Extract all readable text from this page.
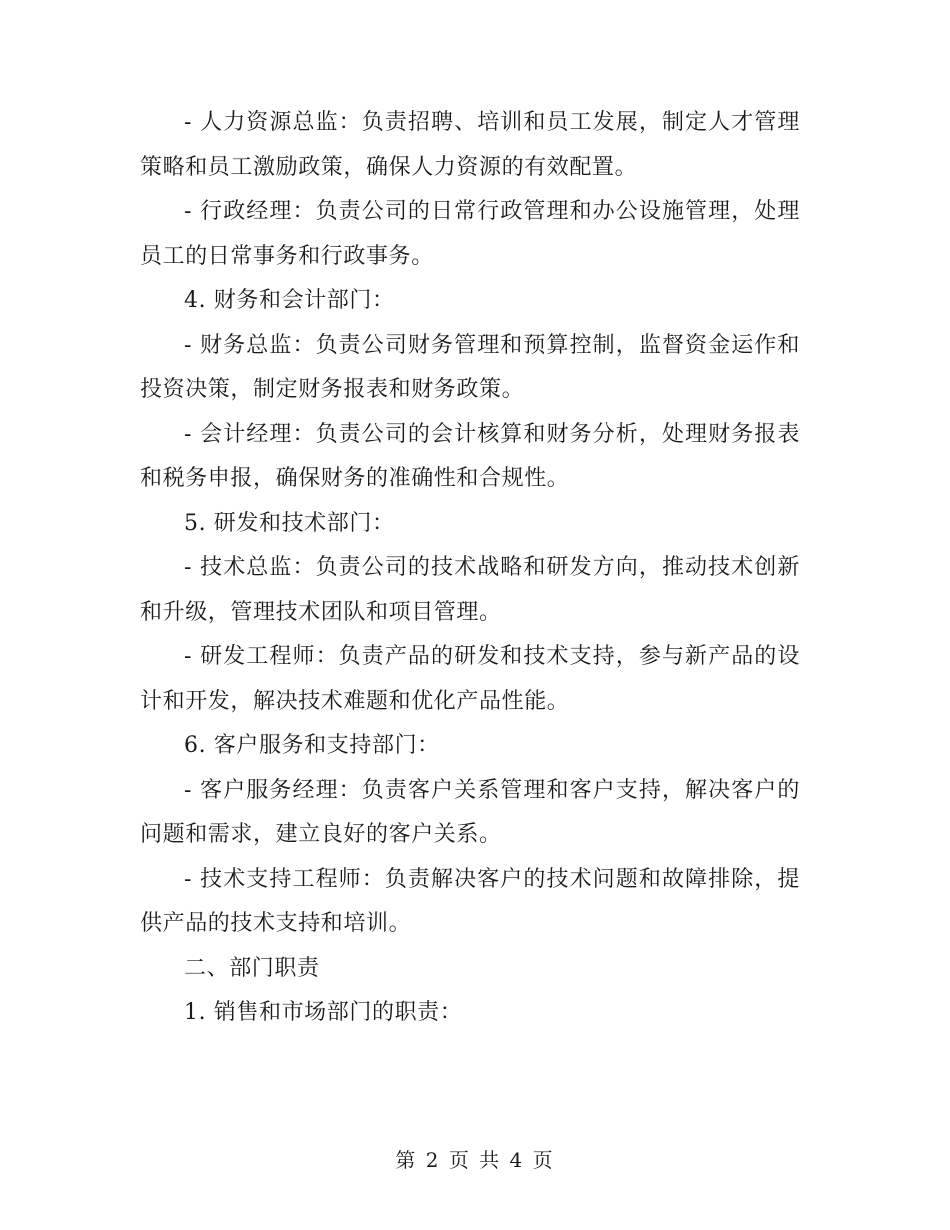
- 人力资源总监：负责招聘、培训和员工发展，制定人才管理策略和员工激励政策，确保人力资源的有效配置。

- 行政经理：负责公司的日常行政管理和办公设施管理，处理员工的日常事务和行政事务。

4. 财务和会计部门：

- 财务总监：负责公司财务管理和预算控制，监督资金运作和投资决策，制定财务报表和财务政策。

- 会计经理：负责公司的会计核算和财务分析，处理财务报表和税务申报，确保财务的准确性和合规性。

5. 研发和技术部门：

- 技术总监：负责公司的技术战略和研发方向，推动技术创新和升级，管理技术团队和项目管理。

- 研发工程师：负责产品的研发和技术支持，参与新产品的设计和开发，解决技术难题和优化产品性能。

6. 客户服务和支持部门：

- 客户服务经理：负责客户关系管理和客户支持，解决客户的问题和需求，建立良好的客户关系。

- 技术支持工程师：负责解决客户的技术问题和故障排除，提供产品的技术支持和培训。

二、部门职责

1. 销售和市场部门的职责：

第 2 页 共 4 页
